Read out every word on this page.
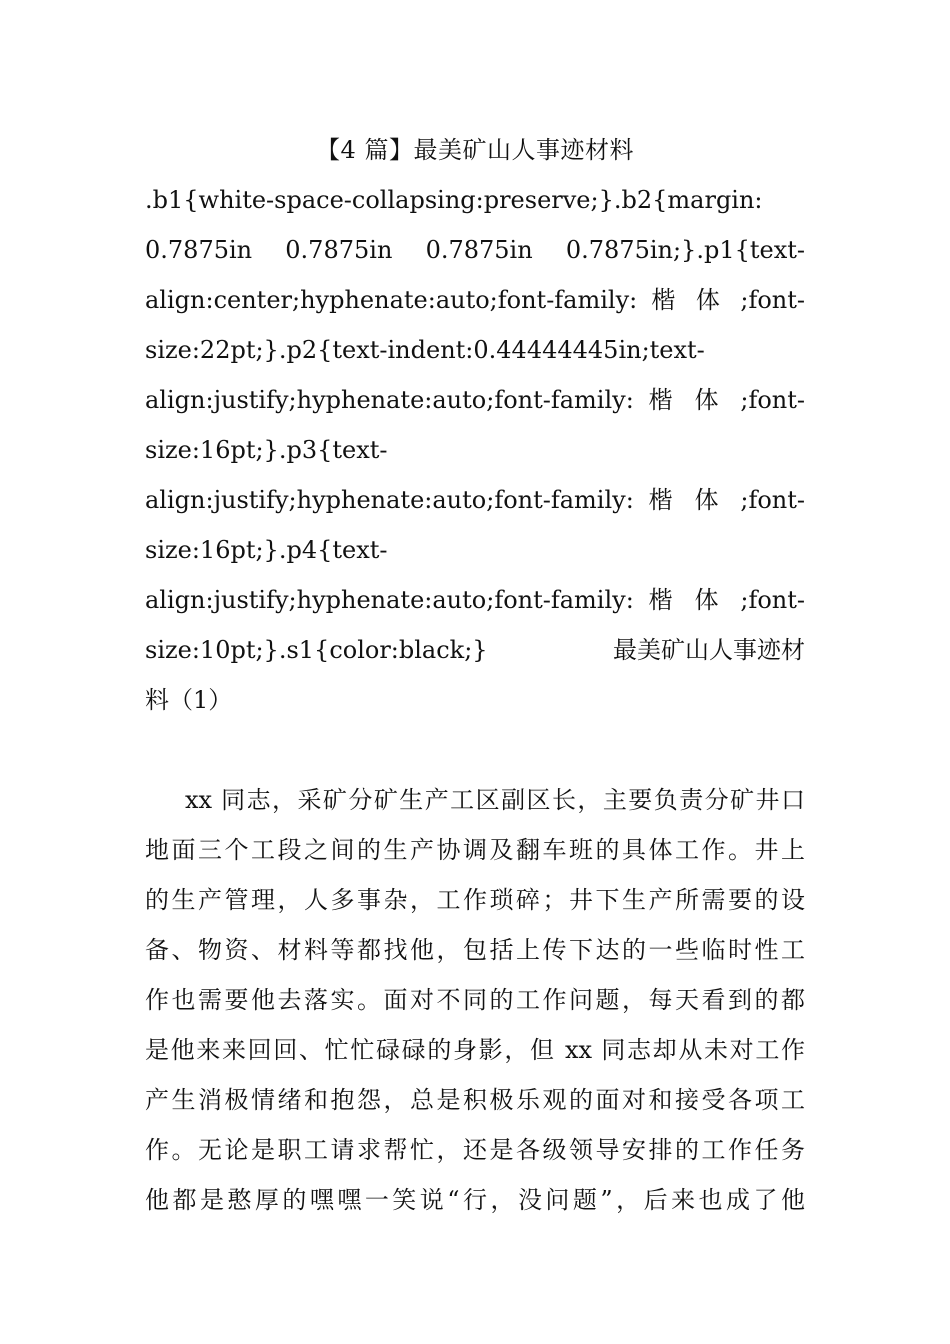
【4 篇】最美矿山人事迹材料
.b1{white-space-collapsing:preserve;}.b2{margin:
0.7875in 0.7875in 0.7875in 0.7875in;}.p1{text-
align:center;hyphenate:auto;font-family: 楷 体 ;font-
size:22pt;}.p2{text-indent:0.44444445in;text-
align:justify;hyphenate:auto;font-family: 楷 体 ;font-
size:16pt;}.p3{text-
align:justify;hyphenate:auto;font-family: 楷 体 ;font-
size:16pt;}.p4{text-
align:justify;hyphenate:auto;font-family: 楷 体 ;font-
size:10pt;}.s1{color:black;}	最美矿山人事迹材
料（1）
xx 同志，采矿分矿生产工区副区长，主要负责分矿井口
地面三个工段之间的生产协调及翻车班的具体工作。井上
的生产管理，人多事杂，工作琐碎；井下生产所需要的设
备、物资、材料等都找他，包括上传下达的一些临时性工
作也需要他去落实。面对不同的工作问题，每天看到的都
是他来来回回、忙忙碌碌的身影，但 xx 同志却从未对工作
产生消极情绪和抱怨，总是积极乐观的面对和接受各项工
作。无论是职工请求帮忙，还是各级领导安排的工作任务
他都是憨厚的嘿嘿一笑说“行，没问题”，后来也成了他
